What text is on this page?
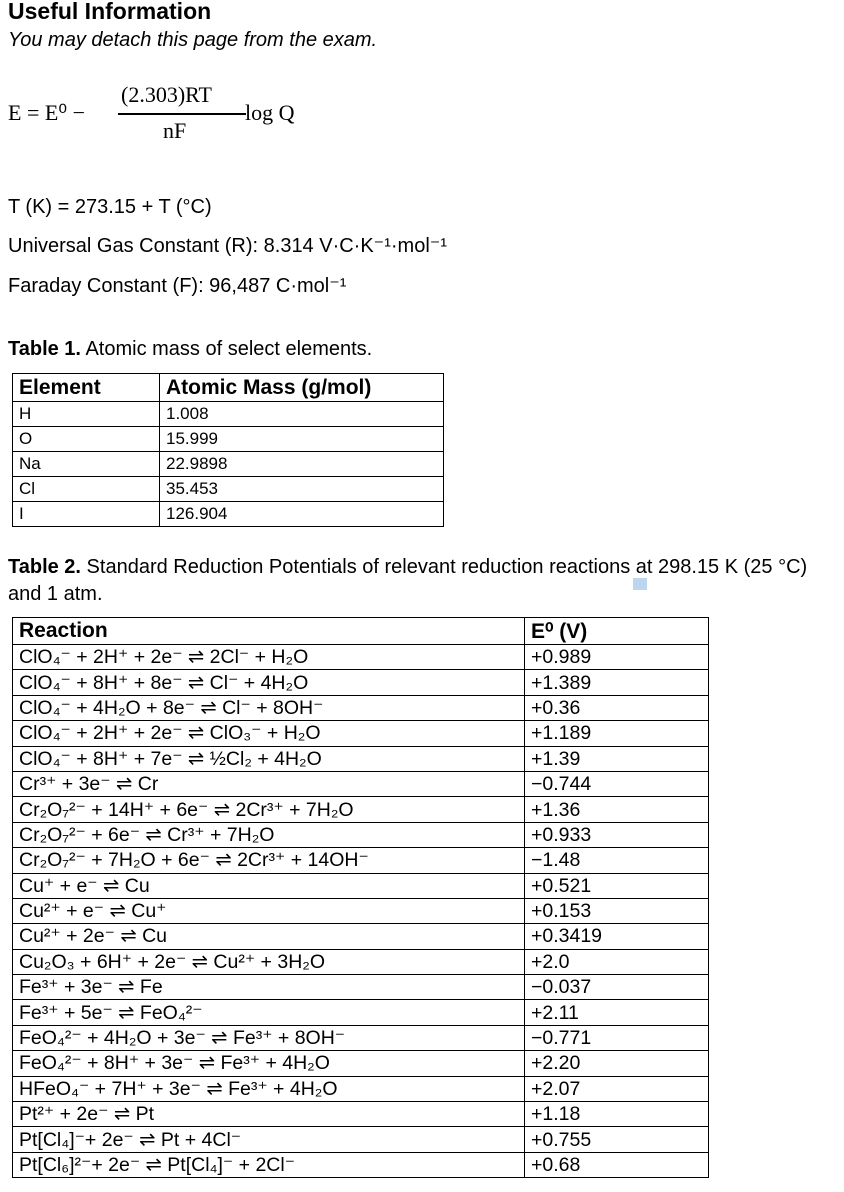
Useful Information
You may detach this page from the exam.
E = E⁰ −
(2.303)RT
nF
log Q
T (K) = 273.15 + T (°C)
Universal Gas Constant (R): 8.314 V·C·K⁻¹·mol⁻¹
Faraday Constant (F): 96,487 C·mol⁻¹
Table 1. Atomic mass of select elements.
Element	Atomic Mass (g/mol)
H	1.008
O	15.999
Na	22.9898
Cl	35.453
I	126.904
Table 2. Standard Reduction Potentials of relevant reduction reactions at 298.15 K (25 °C) and 1 atm.
Reaction	E⁰ (V)
ClO₄⁻ + 2H⁺ + 2e⁻ ⇌ 2Cl⁻ + H₂O	+0.989
ClO₄⁻ + 8H⁺ + 8e⁻ ⇌ Cl⁻ + 4H₂O	+1.389
ClO₄⁻ + 4H₂O + 8e⁻ ⇌ Cl⁻ + 8OH⁻	+0.36
ClO₄⁻ + 2H⁺ + 2e⁻ ⇌ ClO₃⁻ + H₂O	+1.189
ClO₄⁻ + 8H⁺ + 7e⁻ ⇌ ½Cl₂ + 4H₂O	+1.39
Cr³⁺ + 3e⁻ ⇌ Cr	−0.744
Cr₂O₇²⁻ + 14H⁺ + 6e⁻ ⇌ 2Cr³⁺ + 7H₂O	+1.36
Cr₂O₇²⁻ + 6e⁻ ⇌ Cr³⁺ + 7H₂O	+0.933
Cr₂O₇²⁻ + 7H₂O + 6e⁻ ⇌ 2Cr³⁺ + 14OH⁻	−1.48
Cu⁺ + e⁻ ⇌ Cu	+0.521
Cu²⁺ + e⁻ ⇌ Cu⁺	+0.153
Cu²⁺ + 2e⁻ ⇌ Cu	+0.3419
Cu₂O₃ + 6H⁺ + 2e⁻ ⇌ Cu²⁺ + 3H₂O	+2.0
Fe³⁺ + 3e⁻ ⇌ Fe	−0.037
Fe³⁺ + 5e⁻ ⇌ FeO₄²⁻	+2.11
FeO₄²⁻ + 4H₂O + 3e⁻ ⇌ Fe³⁺ + 8OH⁻	−0.771
FeO₄²⁻ + 8H⁺ + 3e⁻ ⇌ Fe³⁺ + 4H₂O	+2.20
HFeO₄⁻ + 7H⁺ + 3e⁻ ⇌ Fe³⁺ + 4H₂O	+2.07
Pt²⁺ + 2e⁻ ⇌ Pt	+1.18
Pt[Cl₄]⁻+ 2e⁻ ⇌ Pt + 4Cl⁻	+0.755
Pt[Cl₆]²⁻+ 2e⁻ ⇌ Pt[Cl₄]⁻ + 2Cl⁻	+0.68
